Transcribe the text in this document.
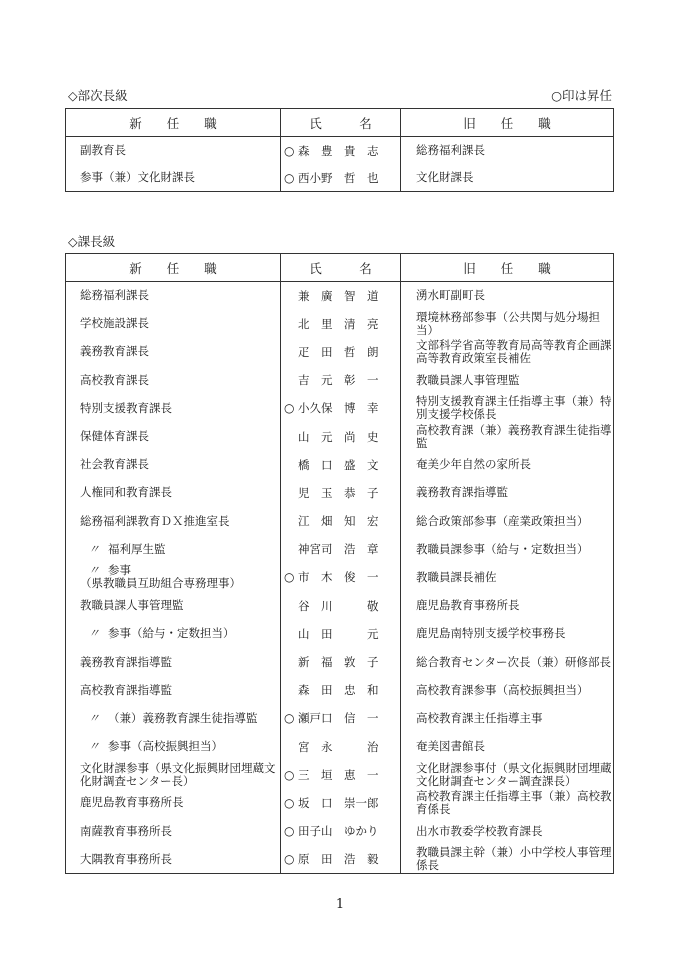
◇部次長級	○印は昇任
新　　任　　職	氏　　　名	旧　　任　　職
副教育長	○ 森　豊　貴　志	総務福利課長
参事（兼）文化財課長	○ 西小野　哲　也	文化財課長
◇課長級
新　　任　　職	氏　　　名	旧　　任　　職
総務福利課長	兼　廣　智　道	湧水町副町長
学校施設課長	北　里　清　亮	環境林務部参事（公共関与処分場担当）
義務教育課長	疋　田　哲　朗	文部科学省高等教育局高等教育企画課高等教育政策室長補佐
高校教育課長	吉　元　彰　一	教職員課人事管理監
特別支援教育課長	○ 小久保　博　幸	特別支援教育課主任指導主事（兼）特別支援学校係長
保健体育課長	山　元　尚　史	高校教育課（兼）義務教育課生徒指導監
社会教育課長	橋　口　盛　文	奄美少年自然の家所長
人権同和教育課長	児　玉　恭　子	義務教育課指導監
総務福利課教育ＤＸ推進室長	江　畑　知　宏	総合政策部参事（産業政策担当）
〃 福利厚生監	神宮司　浩　章	教職員課参事（給与・定数担当）
〃 参事
（県教職員互助組合専務理事）	○ 市　木　俊　一	教職員課長補佐
教職員課人事管理監	谷　川　　　敬	鹿児島教育事務所長
〃 参事（給与・定数担当）	山　田　　　元	鹿児島南特別支援学校事務長
義務教育課指導監	新　福　敦　子	総合教育センター次長（兼）研修部長
高校教育課指導監	森　田　忠　和	高校教育課参事（高校振興担当）
〃 （兼）義務教育課生徒指導監	○ 瀬戸口　信　一	高校教育課主任指導主事
〃 参事（高校振興担当）	宮　永　　　治	奄美図書館長
文化財課参事（県文化振興財団埋蔵文化財調査センター長）	○ 三　垣　恵　一	文化財課参事付（県文化振興財団埋蔵文化財調査センター調査課長）
鹿児島教育事務所長	○ 坂　口　崇一郎	高校教育課主任指導主事（兼）高校教育係長
南薩教育事務所長	○ 田子山　ゆかり	出水市教委学校教育課長
大隅教育事務所長	○ 原　田　浩　毅	教職員課主幹（兼）小中学校人事管理係長
1
